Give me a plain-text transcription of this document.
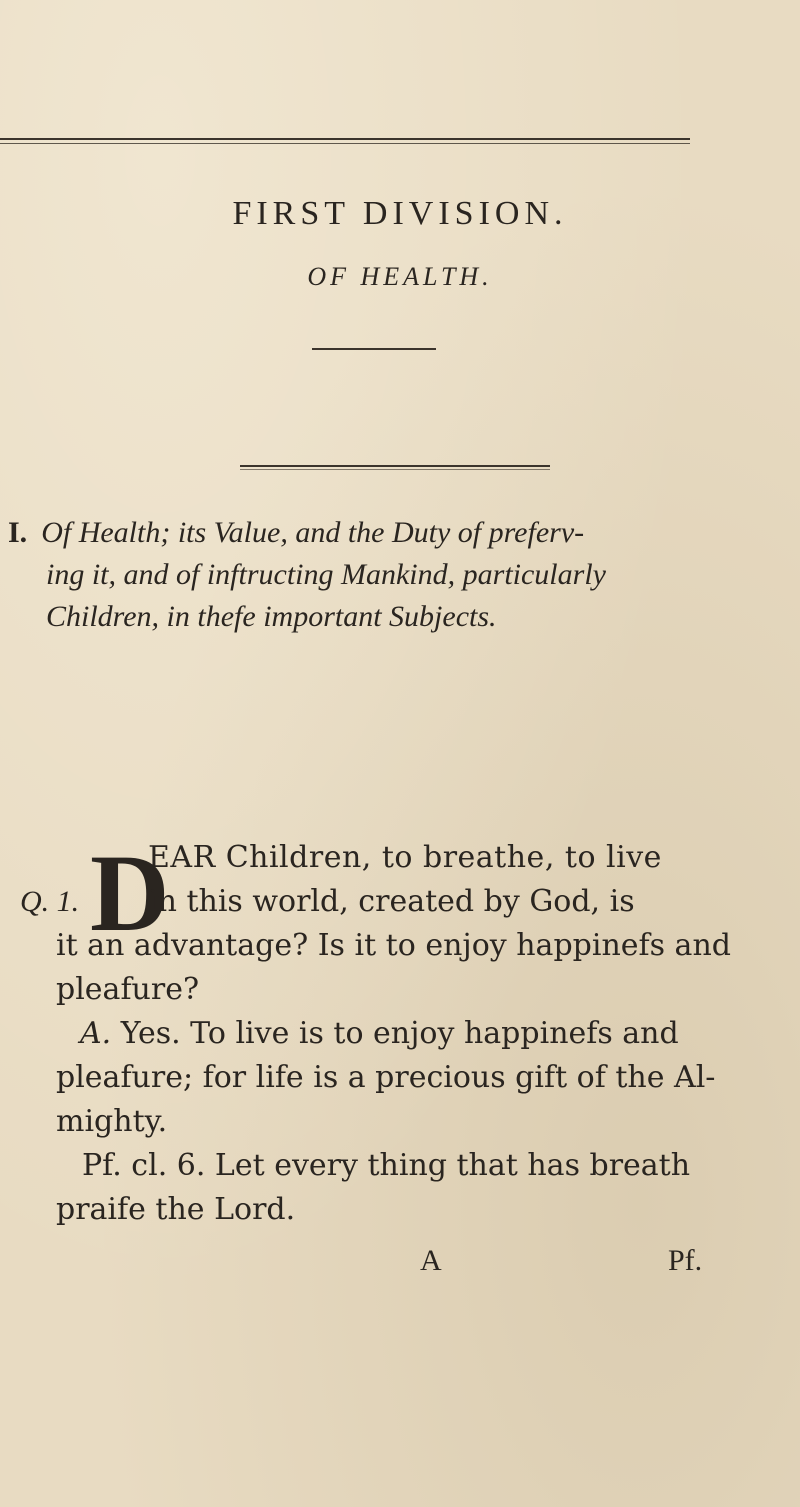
FIRST DIVISION.
OF HEALTH.
I. Of Health; its Value, and the Duty of preferv-
ing it, and of inftructing Mankind, particularly
Children, in thefe important Subjects.
D
Q. 1.
EAR Children, to breathe, to live
in this world, created by God, is
it an advantage? Is it to enjoy happinefs and
pleafure?
A. Yes. To live is to enjoy happinefs and
pleafure; for life is a precious gift of the Al-
mighty.
Pf. cl. 6. Let every thing that has breath
praife the Lord.
A	Pf.
